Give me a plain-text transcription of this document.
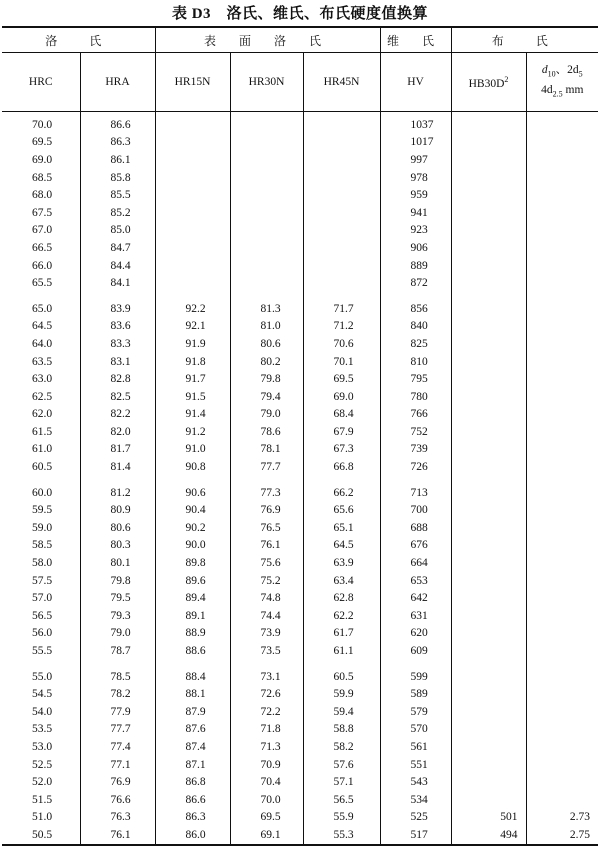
表 D3　洛氏、维氏、布氏硬度值换算
洛　氏		表 面 洛 氏			维 氏	布　氏	
HRC	HRA	HR15N	HR30N	HR45N	HV	$HB30D^2$	$d_{10}$、$2d_5$
$4d_{2.5}$ mm

70.0	86.6				1037		
69.5	86.3				1017		
69.0	86.1				997		
68.5	85.8				978		
68.0	85.5				959		
67.5	85.2				941		
67.0	85.0				923		
66.5	84.7				906		
66.0	84.4				889		
65.5	84.1				872		

65.0	83.9	92.2	81.3	71.7	856		
64.5	83.6	92.1	81.0	71.2	840		
64.0	83.3	91.9	80.6	70.6	825		
63.5	83.1	91.8	80.2	70.1	810		
63.0	82.8	91.7	79.8	69.5	795		
62.5	82.5	91.5	79.4	69.0	780		
62.0	82.2	91.4	79.0	68.4	766		
61.5	82.0	91.2	78.6	67.9	752		
61.0	81.7	91.0	78.1	67.3	739		
60.5	81.4	90.8	77.7	66.8	726		

60.0	81.2	90.6	77.3	66.2	713		
59.5	80.9	90.4	76.9	65.6	700		
59.0	80.6	90.2	76.5	65.1	688		
58.5	80.3	90.0	76.1	64.5	676		
58.0	80.1	89.8	75.6	63.9	664		
57.5	79.8	89.6	75.2	63.4	653		
57.0	79.5	89.4	74.8	62.8	642		
56.5	79.3	89.1	74.4	62.2	631		
56.0	79.0	88.9	73.9	61.7	620		
55.5	78.7	88.6	73.5	61.1	609		

55.0	78.5	88.4	73.1	60.5	599		
54.5	78.2	88.1	72.6	59.9	589		
54.0	77.9	87.9	72.2	59.4	579		
53.5	77.7	87.6	71.8	58.8	570		
53.0	77.4	87.4	71.3	58.2	561		
52.5	77.1	87.1	70.9	57.6	551		
52.0	76.9	86.8	70.4	57.1	543		
51.5	76.6	86.6	70.0	56.5	534		
51.0	76.3	86.3	69.5	55.9	525	501	2.73
50.5	76.1	86.0	69.1	55.3	517	494	2.75
